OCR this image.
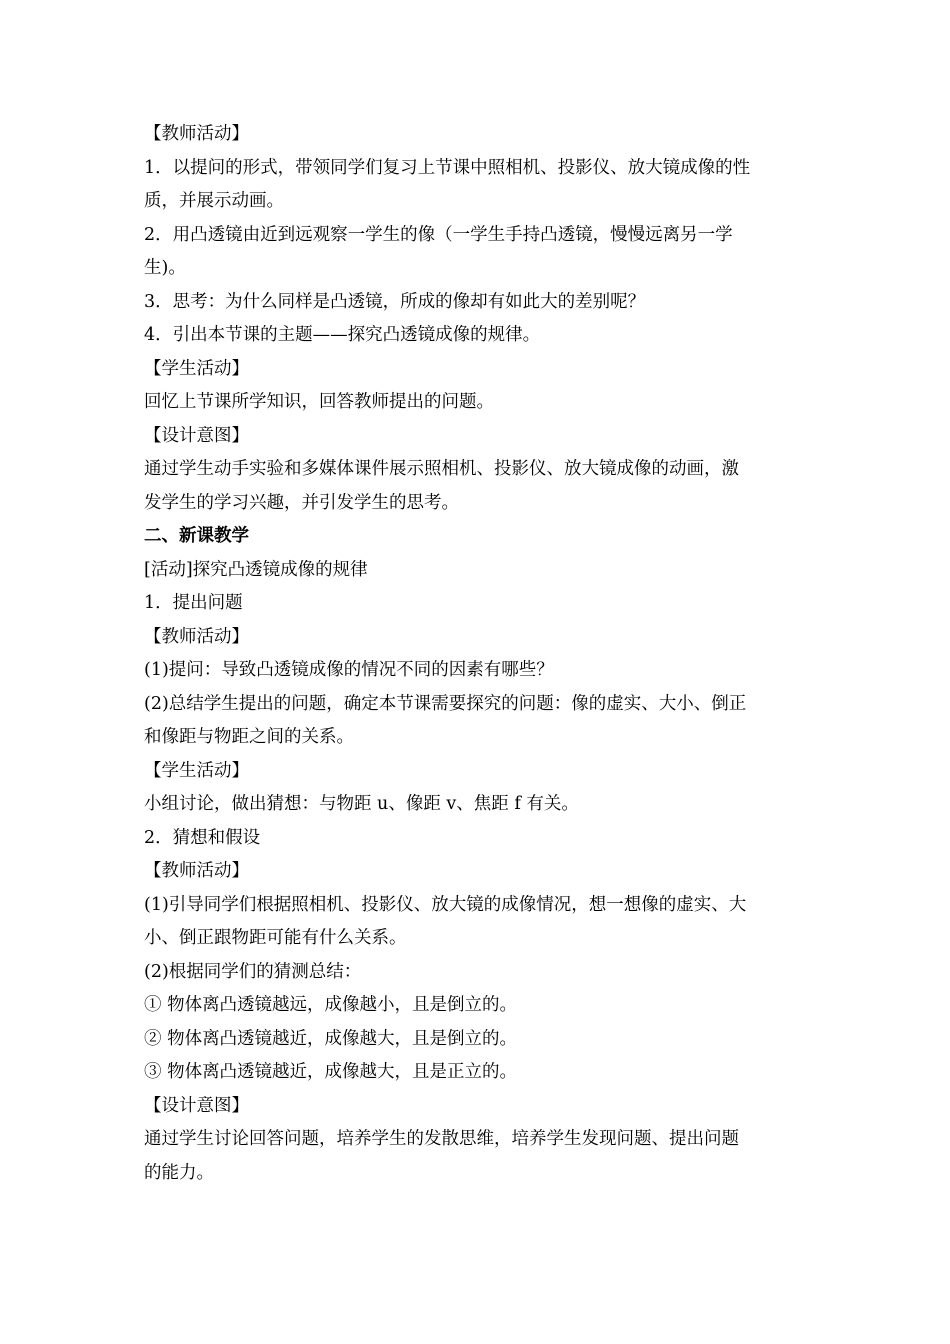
【教师活动】

1．以提问的形式，带领同学们复习上节课中照相机、投影仪、放大镜成像的性

质，并展示动画。

2．用凸透镜由近到远观察一学生的像（一学生手持凸透镜，慢慢远离另一学

生)。

3．思考：为什么同样是凸透镜，所成的像却有如此大的差别呢？

4．引出本节课的主题——探究凸透镜成像的规律。

【学生活动】

回忆上节课所学知识，回答教师提出的问题。

【设计意图】

通过学生动手实验和多媒体课件展示照相机、投影仪、放大镜成像的动画，激

发学生的学习兴趣，并引发学生的思考。

二、新课教学

[活动]探究凸透镜成像的规律

1．提出问题

【教师活动】

(1)提问：导致凸透镜成像的情况不同的因素有哪些？

(2)总结学生提出的问题，确定本节课需要探究的问题：像的虚实、大小、倒正

和像距与物距之间的关系。

【学生活动】

小组讨论，做出猜想：与物距 u、像距 v、焦距 f 有关。

2．猜想和假设

【教师活动】

(1)引导同学们根据照相机、投影仪、放大镜的成像情况，想一想像的虚实、大

小、倒正跟物距可能有什么关系。

(2)根据同学们的猜测总结：

① 物体离凸透镜越远，成像越小，且是倒立的。

② 物体离凸透镜越近，成像越大，且是倒立的。

③ 物体离凸透镜越近，成像越大，且是正立的。

【设计意图】

通过学生讨论回答问题，培养学生的发散思维，培养学生发现问题、提出问题

的能力。
